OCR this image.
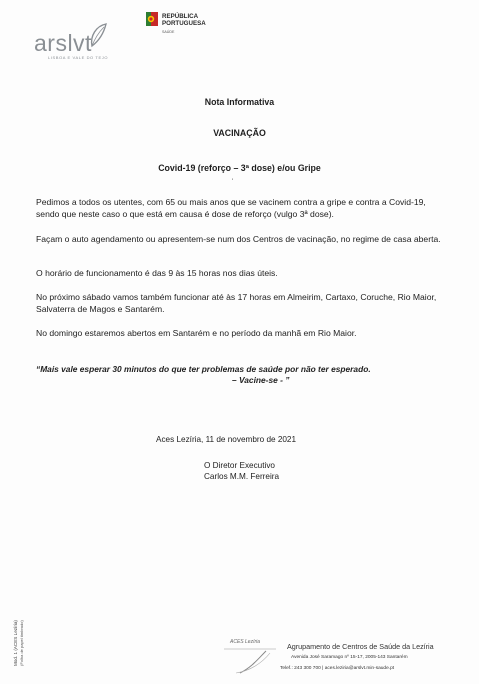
arslvt
LISBOA E VALE DO TEJO
REPÚBLICA
PORTUGUESA
SAÚDE
Nota Informativa
VACINAÇÃO
Covid-19 (reforço – 3ª dose) e/ou Gripe
'
Pedimos a todos os utentes, com 65 ou mais anos que se vacinem contra a gripe e contra a Covid-19, sendo que neste caso o que está em causa é dose de reforço (vulgo 3ª dose).
Façam o auto agendamento ou apresentem-se num dos Centros de vacinação, no regime de casa aberta.
O horário de funcionamento é das 9 às 15 horas nos dias úteis.
No próximo sábado vamos também funcionar até às 17 horas em Almeirim, Cartaxo, Coruche, Rio Maior, Salvaterra de Magos e Santarém.
No domingo estaremos abertos em Santarém e no período da manhã em Rio Maior.
“Mais vale esperar 30 minutos do que ter problemas de saúde por não ter esperado.
– Vacine-se - ”
Aces Lezíria, 11 de novembro de 2021
O Diretor Executivo
Carlos M.M. Ferreira
Mod. 1 (ACES Lezíria) (Folha de papel timbrado)	ACES Lezíria	Agrupamento de Centros de Saúde da Lezíria
Avenida José Saramago nº 15-17, 2005-143 Santarém
Telef.: 243 300 700 | aces.leziria@arslvt.min-saude.pt
